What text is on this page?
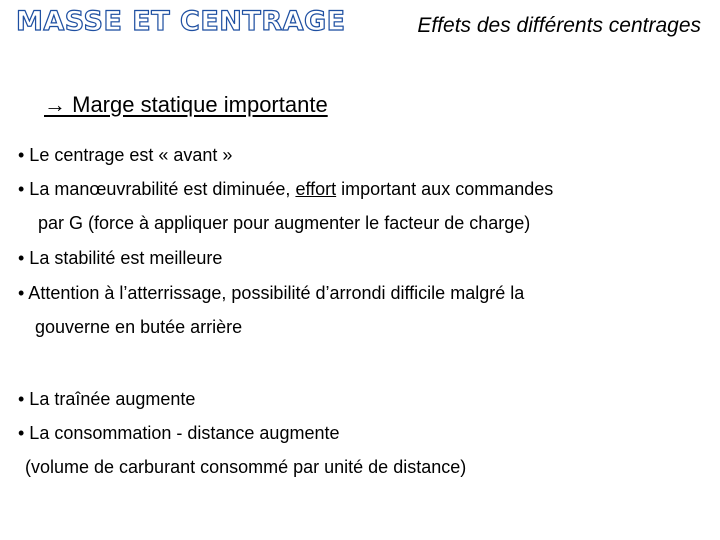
MASSE ET CENTRAGE	Effets des différents centrages
→ Marge statique importante
• Le centrage est « avant »
• La manœuvrabilité est diminuée, effort important aux commandes
par G (force à appliquer pour augmenter le facteur de charge)
• La stabilité est meilleure
• Attention à l’atterrissage, possibilité d’arrondi difficile malgré la
gouverne en butée arrière
• La traînée augmente
• La consommation - distance augmente
(volume de carburant consommé par unité de distance)
